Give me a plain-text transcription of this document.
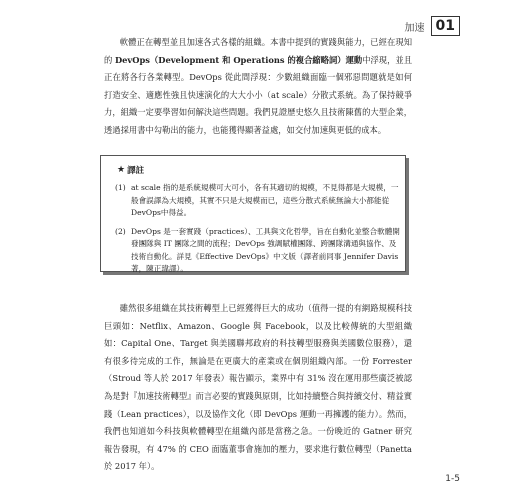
加速 01

軟體正在轉型並且加速各式各樣的組織。本書中提到的實踐與能力，已經在現知的 DevOps（Development 和 Operations 的複合縮略詞）運動中浮現，並且正在將各行各業轉型。DevOps 從此間浮現：少數組織面臨一個邪惡問題就是如何打造安全、適應性強且快速演化的大大小小（at scale）分散式系統。為了保持競爭力，組織一定要學習如何解決這些問題。我們見證歷史悠久且技術陳舊的大型企業，透過採用書中勾勒出的能力，也能獲得顯著益處，如交付加速與更低的成本。

★ 譯註
(1) at scale 指的是系統規模可大可小，各有其適切的規模，不見得都是大規模，一般會誤譯為大規模，其實不只是大規模而已，這些分散式系統無論大小都能從DevOps中得益。
(2) DevOps 是一套實踐（practices）、工具與文化哲學，旨在自動化並整合軟體開發團隊與 IT 團隊之間的流程；DevOps 強調賦權團隊、跨團隊溝通與協作、及技術自動化。詳見《Effective DevOps》中文版（譯者前同事 Jennifer Davis 著，陳正瑋譯）。

雖然很多組織在其技術轉型上已經獲得巨大的成功（值得一提的有網路規模科技巨頭如：Netflix、Amazon、Google 與 Facebook，以及比較傳統的大型組織如：Capital One、Target 與美國聯邦政府的科技轉型服務與美國數位服務），還有很多待完成的工作，無論是在更廣大的產業或在個別組織內部。一份 Forrester（Stroud 等人於 2017 年發表）報告顯示，業界中有 31% 沒在運用那些廣泛被認為是對『加速技術轉型』而言必要的實踐與原則，比如持續整合與持續交付、精益實踐（Lean practices），以及協作文化（即 DevOps 運動一再擁護的能力）。然而，我們也知道如今科技與軟體轉型在組織內部是當務之急。一份晚近的 Gatner 研究報告發現，有 47% 的 CEO 面臨董事會施加的壓力，要求進行數位轉型（Panetta 於 2017 年）。

1-5
